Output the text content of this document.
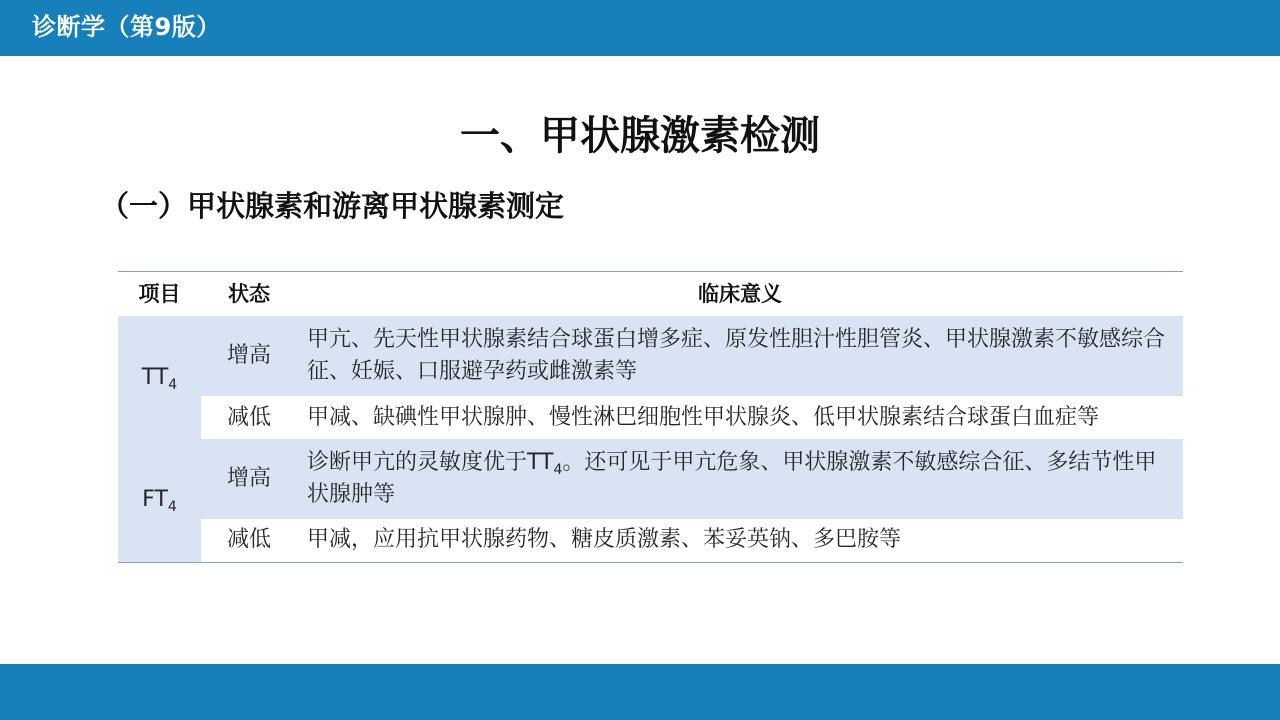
诊断学（第9版）
一、甲状腺激素检测
（一）甲状腺素和游离甲状腺素测定
项目	状态	临床意义
$TT_4$	增高	甲亢、先天性甲状腺素结合球蛋白增多症、原发性胆汁性胆管炎、甲状腺激素不敏感综合征、妊娠、口服避孕药或雌激素等
	减低	甲减、缺碘性甲状腺肿、慢性淋巴细胞性甲状腺炎、低甲状腺素结合球蛋白血症等
$FT_4$	增高	诊断甲亢的灵敏度优于$TT_4$。还可见于甲亢危象、甲状腺激素不敏感综合征、多结节性甲状腺肿等
	减低	甲减，应用抗甲状腺药物、糖皮质激素、苯妥英钠、多巴胺等
